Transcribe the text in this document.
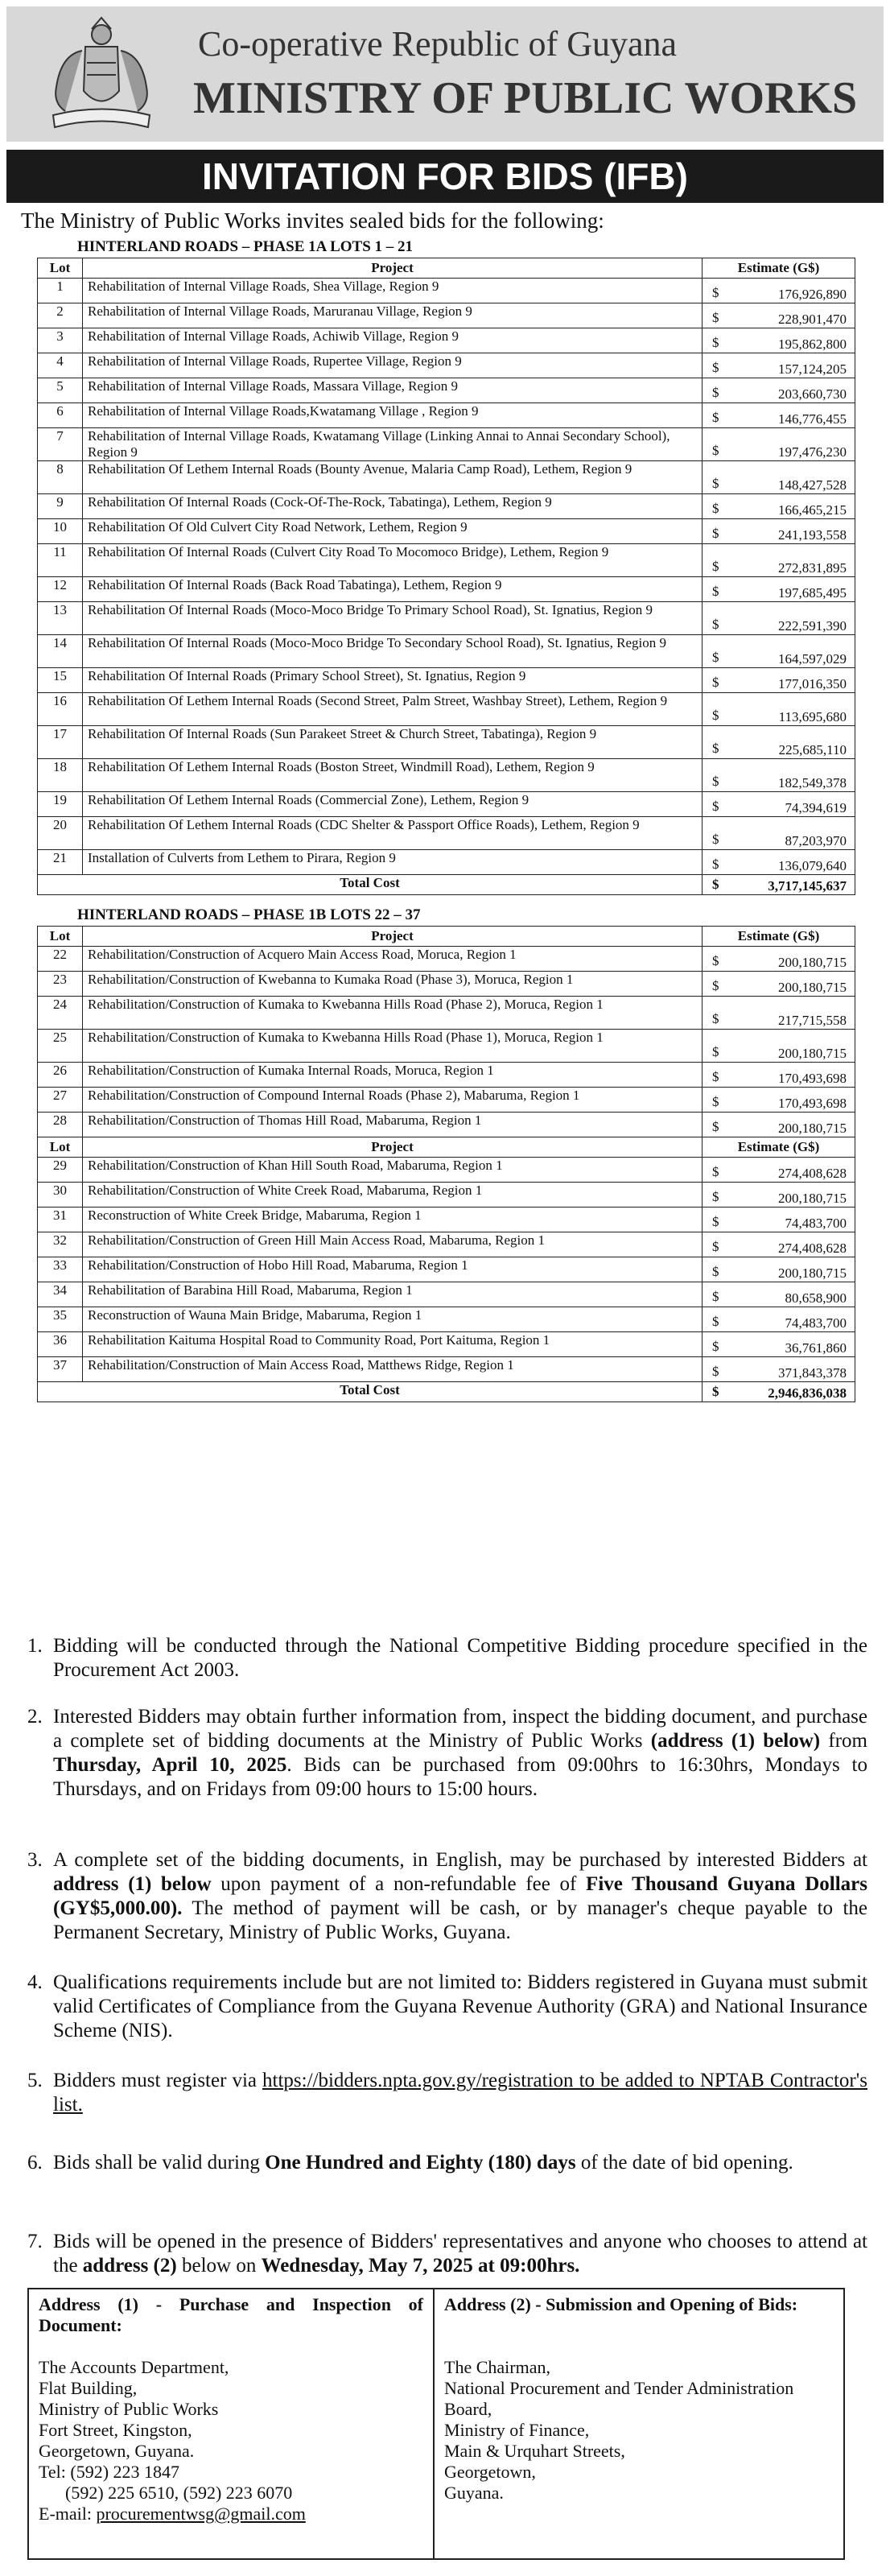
Co-operative Republic of Guyana
MINISTRY OF PUBLIC WORKS
INVITATION FOR BIDS (IFB)
The Ministry of Public Works invites sealed bids for the following:
HINTERLAND ROADS – PHASE 1A LOTS 1 – 21
Lot	Project	Estimate (G$)
1	Rehabilitation of Internal Village Roads, Shea Village, Region 9	$ 176,926,890

2	Rehabilitation of Internal Village Roads, Maruranau Village, Region 9	$ 228,901,470

3	Rehabilitation of Internal Village Roads, Achiwib Village, Region 9	$ 195,862,800

4	Rehabilitation of Internal Village Roads, Rupertee Village, Region 9	$ 157,124,205

5	Rehabilitation of Internal Village Roads, Massara Village, Region 9	$ 203,660,730

6	Rehabilitation of Internal Village Roads,Kwatamang Village , Region 9	$ 146,776,455

7	Rehabilitation of Internal Village Roads, Kwatamang Village (Linking Annai to Annai Secondary School), Region 9	$ 197,476,230

8	Rehabilitation Of Lethem Internal Roads (Bounty Avenue, Malaria Camp Road), Lethem, Region 9	$ 148,427,528

9	Rehabilitation Of Internal Roads (Cock-Of-The-Rock, Tabatinga), Lethem, Region 9	$ 166,465,215

10	Rehabilitation Of Old Culvert City Road Network, Lethem, Region 9	$ 241,193,558

11	Rehabilitation Of Internal Roads (Culvert City Road To Mocomoco Bridge), Lethem, Region 9	$ 272,831,895

12	Rehabilitation Of Internal Roads (Back Road Tabatinga), Lethem, Region 9	$ 197,685,495

13	Rehabilitation Of Internal Roads (Moco-Moco Bridge To Primary School Road), St. Ignatius, Region 9	$ 222,591,390

14	Rehabilitation Of Internal Roads (Moco-Moco Bridge To Secondary School Road), St. Ignatius, Region 9	$ 164,597,029

15	Rehabilitation Of Internal Roads (Primary School Street), St. Ignatius, Region 9	$ 177,016,350

16	Rehabilitation Of Lethem Internal Roads (Second Street, Palm Street, Washbay Street), Lethem, Region 9	$ 113,695,680

17	Rehabilitation Of Internal Roads (Sun Parakeet Street & Church Street, Tabatinga), Region 9	$ 225,685,110

18	Rehabilitation Of Lethem Internal Roads (Boston Street, Windmill Road), Lethem, Region 9	$ 182,549,378

19	Rehabilitation Of Lethem Internal Roads (Commercial Zone), Lethem, Region 9	$ 74,394,619

20	Rehabilitation Of Lethem Internal Roads (CDC Shelter & Passport Office Roads), Lethem, Region 9	$ 87,203,970

21	Installation of Culverts from Lethem to Pirara, Region 9	$ 136,079,640

Total Cost		$ 3,717,145,637
HINTERLAND ROADS – PHASE 1B LOTS 22 – 37
Lot	Project	Estimate (G$)
22	Rehabilitation/Construction of Acquero Main Access Road, Moruca, Region 1	$ 200,180,715

23	Rehabilitation/Construction of Kwebanna to Kumaka Road (Phase 3), Moruca, Region 1	$ 200,180,715

24	Rehabilitation/Construction of Kumaka to Kwebanna Hills Road (Phase 2), Moruca, Region 1	$ 217,715,558

25	Rehabilitation/Construction of Kumaka to Kwebanna Hills Road (Phase 1), Moruca, Region 1	$ 200,180,715

26	Rehabilitation/Construction of Kumaka Internal Roads, Moruca, Region 1	$ 170,493,698

27	Rehabilitation/Construction of Compound Internal Roads (Phase 2), Mabaruma, Region 1	$ 170,493,698

28	Rehabilitation/Construction of Thomas Hill Road, Mabaruma, Region 1	$ 200,180,715

Lot	Project	Estimate (G$)
29	Rehabilitation/Construction of Khan Hill South Road, Mabaruma, Region 1	$ 274,408,628

30	Rehabilitation/Construction of White Creek Road, Mabaruma, Region 1	$ 200,180,715

31	Reconstruction of White Creek Bridge, Mabaruma, Region 1	$ 74,483,700

32	Rehabilitation/Construction of Green Hill Main Access Road, Mabaruma, Region 1	$ 274,408,628

33	Rehabilitation/Construction of Hobo Hill Road, Mabaruma, Region 1	$ 200,180,715

34	Rehabilitation of Barabina Hill Road, Mabaruma, Region 1	$ 80,658,900

35	Reconstruction of Wauna Main Bridge, Mabaruma, Region 1	$ 74,483,700

36	Rehabilitation Kaituma Hospital Road to Community Road, Port Kaituma, Region 1	$ 36,761,860

37	Rehabilitation/Construction of Main Access Road, Matthews Ridge, Region 1	$ 371,843,378

Total Cost		$ 2,946,836,038
1. Bidding will be conducted through the National Competitive Bidding procedure specified in the Procurement Act 2003.
2. Interested Bidders may obtain further information from, inspect the bidding document, and purchase a complete set of bidding documents at the Ministry of Public Works (address (1) below) from Thursday, April 10, 2025. Bids can be purchased from 09:00hrs to 16:30hrs, Mondays to Thursdays, and on Fridays from 09:00 hours to 15:00 hours.
3. A complete set of the bidding documents, in English, may be purchased by interested Bidders at address (1) below upon payment of a non-refundable fee of Five Thousand Guyana Dollars (GY$5,000.00). The method of payment will be cash, or by manager's cheque payable to the Permanent Secretary, Ministry of Public Works, Guyana.
4. Qualifications requirements include but are not limited to: Bidders registered in Guyana must submit valid Certificates of Compliance from the Guyana Revenue Authority (GRA) and National Insurance Scheme (NIS).
5. Bidders must register via https://bidders.npta.gov.gy/registration to be added to NPTAB Contractor's list.
6. Bids shall be valid during One Hundred and Eighty (180) days of the date of bid opening.
7. Bids will be opened in the presence of Bidders' representatives and anyone who chooses to attend at the address (2) below on Wednesday, May 7, 2025 at 09:00hrs.
Address (1) - Purchase and Inspection of Document:
The Accounts Department,
Flat Building,
Ministry of Public Works
Fort Street, Kingston,
Georgetown, Guyana.
Tel: (592) 223 1847
(592) 225 6510, (592) 223 6070
E-mail: procurementwsg@gmail.com
Address (2) - Submission and Opening of Bids:
The Chairman,
National Procurement and Tender Administration
Board,
Ministry of Finance,
Main & Urquhart Streets,
Georgetown,
Guyana.
